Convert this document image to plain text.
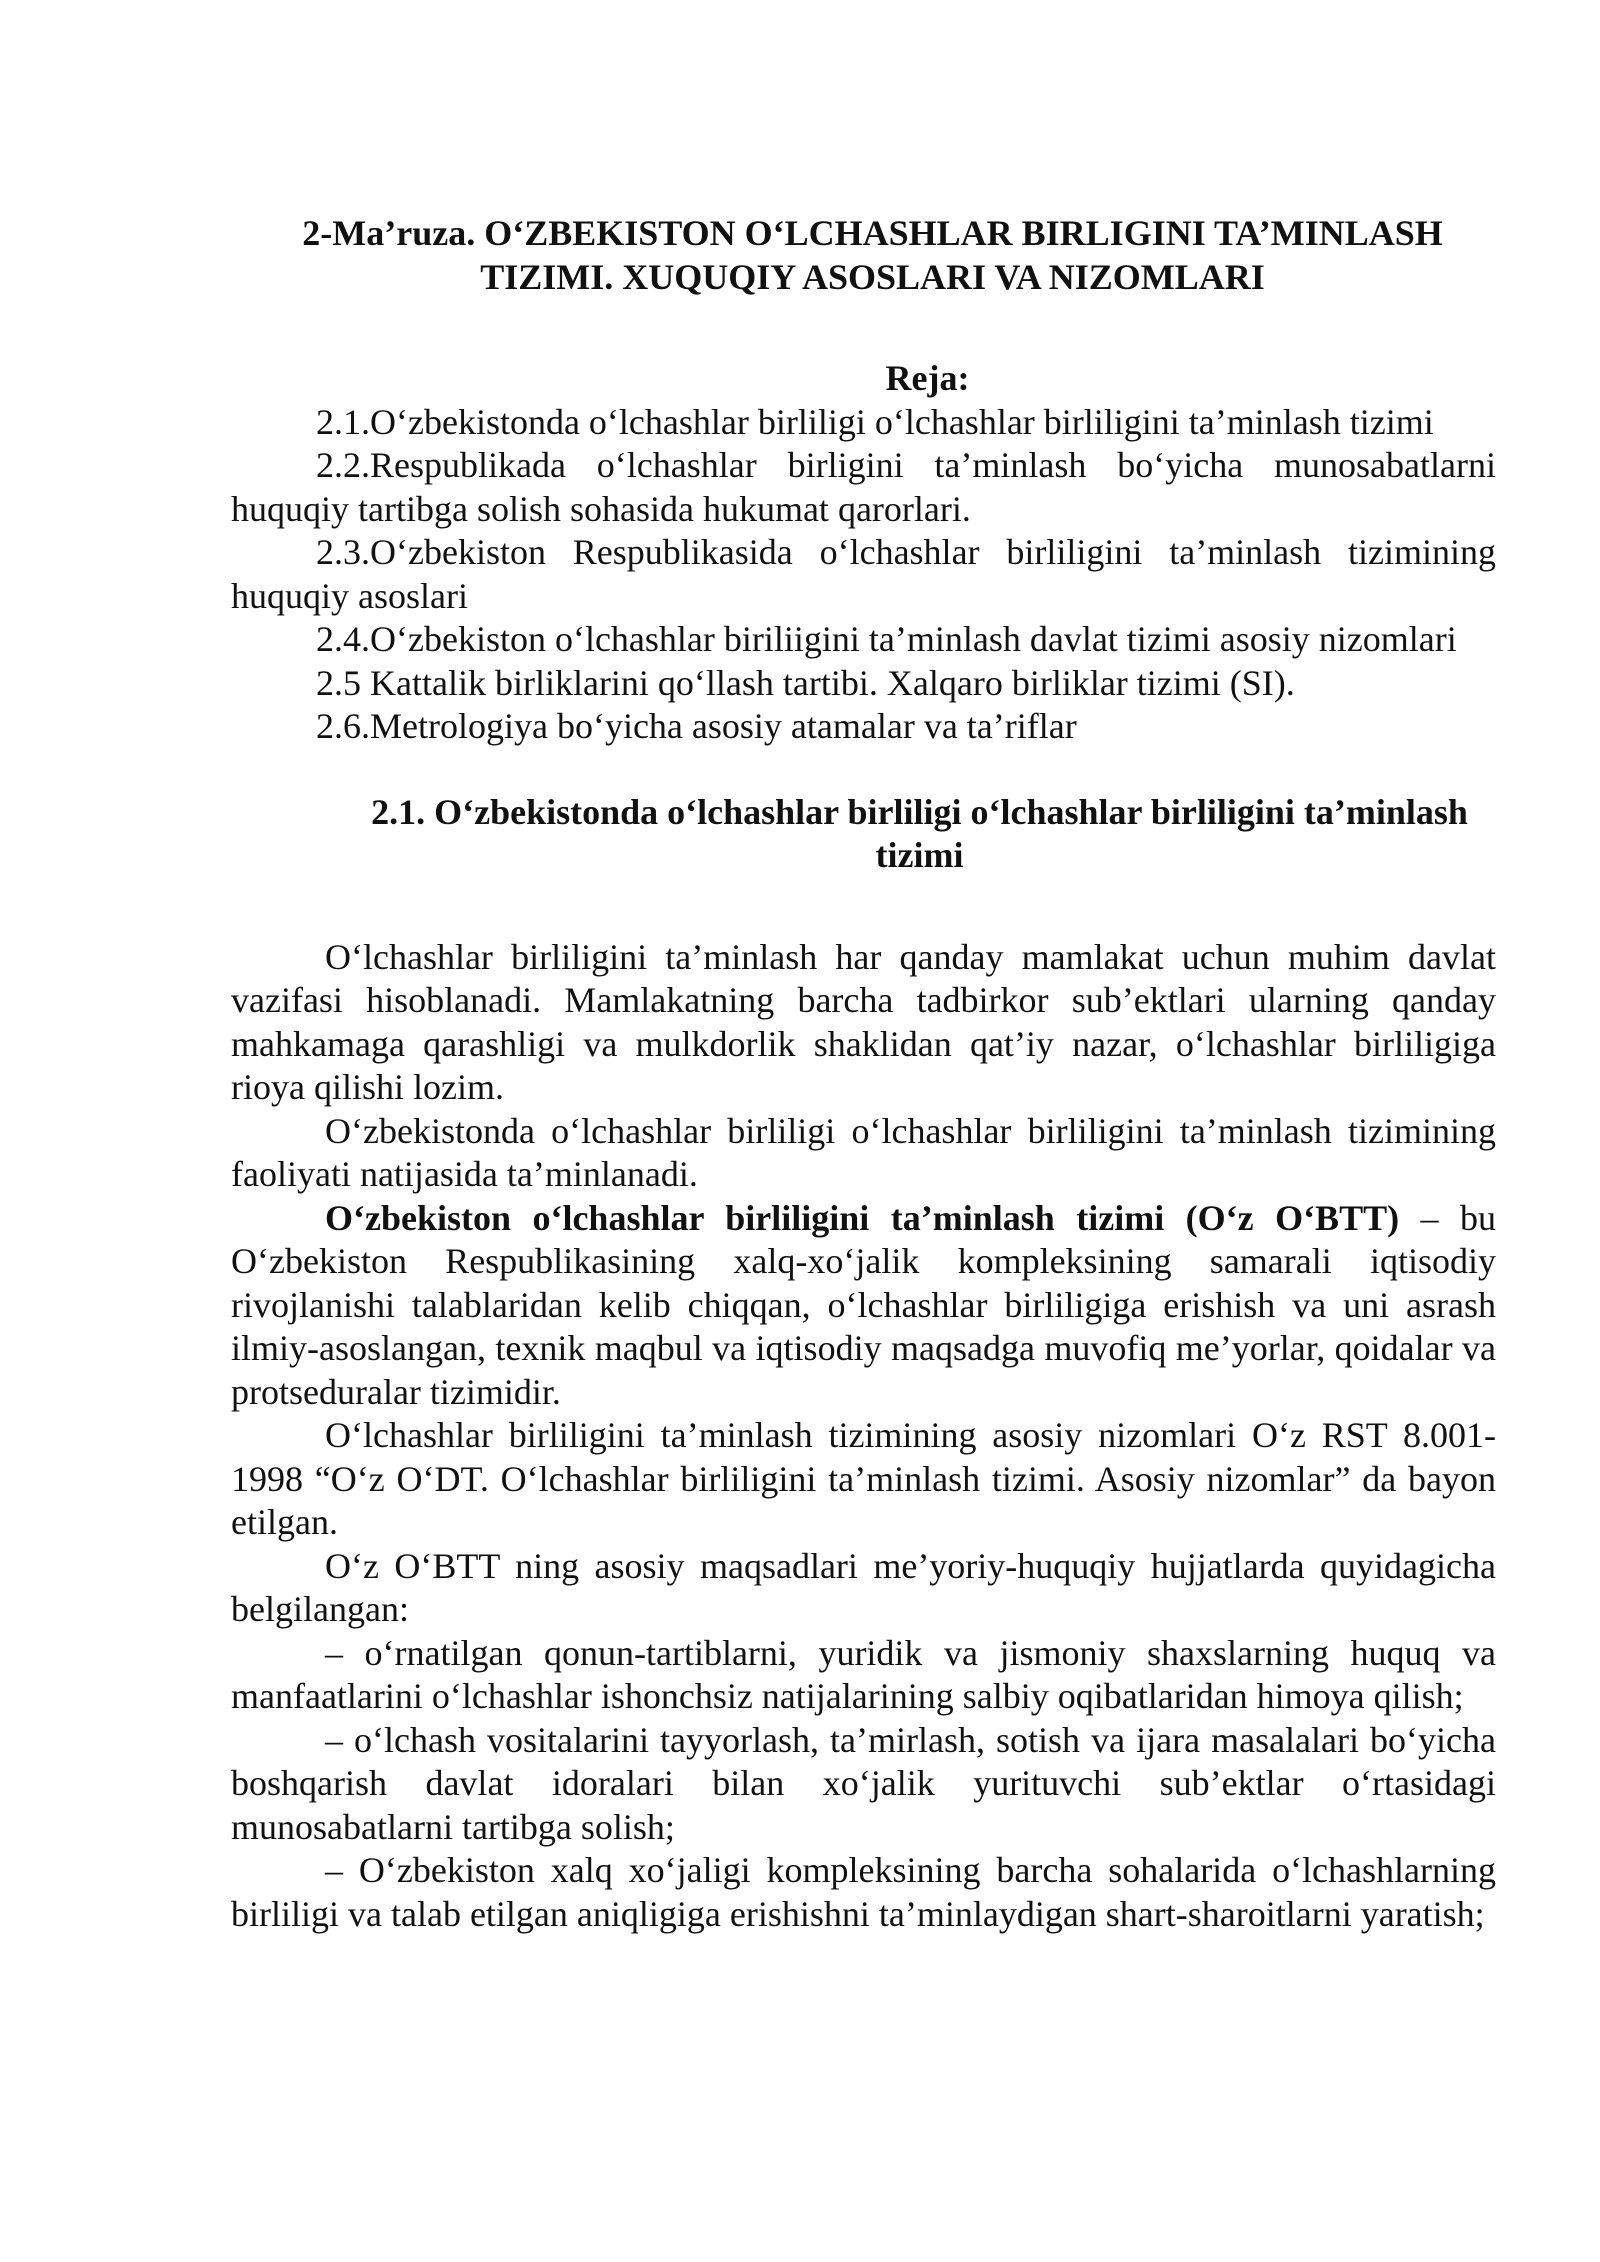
2-Ma’ruza. O‘ZBEKISTON O‘LCHASHLAR BIRLIGINI TA’MINLASH TIZIMI. XUQUQIY ASOSLARI VA NIZOMLARI

Reja:

2.1.O‘zbekistonda o‘lchashlar birliligi o‘lchashlar birliligini ta’minlash tizimi
2.2.Respublikada o‘lchashlar birligini ta’minlash bo‘yicha munosabatlarni huquqiy tartibga solish sohasida hukumat qarorlari.
2.3.O‘zbekiston Respublikasida o‘lchashlar birliligini ta’minlash tizimining huquqiy asoslari
2.4.O‘zbekiston o‘lchashlar biriliigini ta’minlash davlat tizimi asosiy nizomlari
2.5 Kattalik birliklarini qo‘llash tartibi. Xalqaro birliklar tizimi (SI).
2.6.Metrologiya bo‘yicha asosiy atamalar va ta’riflar

2.1. O‘zbekistonda o‘lchashlar birliligi o‘lchashlar birliligini ta’minlash tizimi

O‘lchashlar birliligini ta’minlash har qanday mamlakat uchun muhim davlat vazifasi hisoblanadi. Mamlakatning barcha tadbirkor sub’ektlari ularning qanday mahkamaga qarashligi va mulkdorlik shaklidan qat’iy nazar, o‘lchashlar birliligiga rioya qilishi lozim.

O‘zbekistonda o‘lchashlar birliligi o‘lchashlar birliligini ta’minlash tizimining faoliyati natijasida ta’minlanadi.

O‘zbekiston o‘lchashlar birliligini ta’minlash tizimi (O‘z O‘BTT) – bu O‘zbekiston Respublikasining xalq-xo‘jalik kompleksining samarali iqtisodiy rivojlanishi talablaridan kelib chiqqan, o‘lchashlar birliligiga erishish va uni asrash ilmiy-asoslangan, texnik maqbul va iqtisodiy maqsadga muvofiq me’yorlar, qoidalar va protseduralar tizimidir.

O‘lchashlar birliligini ta’minlash tizimining asosiy nizomlari O‘z RST 8.001-1998 “O‘z O‘DT. O‘lchashlar birliligini ta’minlash tizimi. Asosiy nizomlar” da bayon etilgan.

O‘z O‘BTT ning asosiy maqsadlari me’yoriy-huquqiy hujjatlarda quyidagicha belgilangan:

– o‘rnatilgan qonun-tartiblarni, yuridik va jismoniy shaxslarning huquq va manfaatlarini o‘lchashlar ishonchsiz natijalarining salbiy oqibatlaridan himoya qilish;

– o‘lchash vositalarini tayyorlash, ta’mirlash, sotish va ijara masalalari bo‘yicha boshqarish davlat idoralari bilan xo‘jalik yurituvchi sub’ektlar o‘rtasidagi munosabatlarni tartibga solish;

– O‘zbekiston xalq xo‘jaligi kompleksining barcha sohalarida o‘lchashlarning birliligi va talab etilgan aniqligiga erishishni ta’minlaydigan shart-sharoitlarni yaratish;
